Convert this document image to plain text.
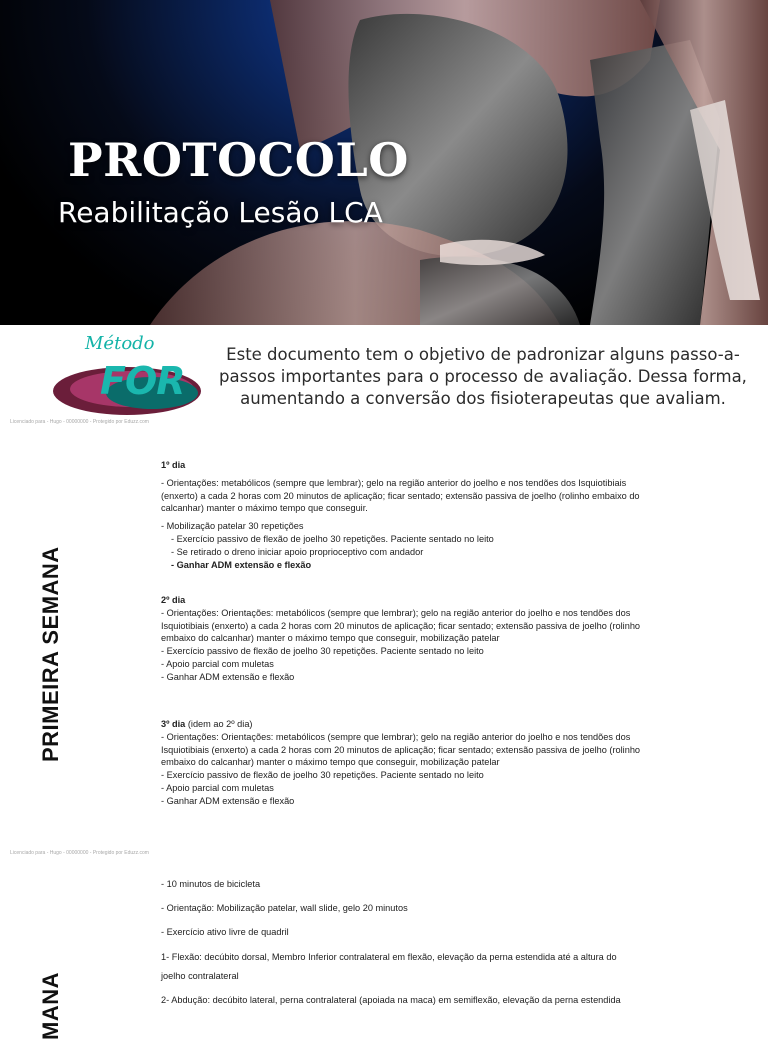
PROTOCOLO

Reabilitação Lesão LCA

Método
FOR

Este documento tem o objetivo de padronizar alguns passo-a-passos importantes para o processo de avaliação. Dessa forma, aumentando a conversão dos fisioterapeutas que avaliam.

Licenciado para - Hugo - 00000000 - Protegido por Eduzz.com
Licenciado para - Hugo - 00000000 - Protegido por Eduzz.com
PRIMEIRA SEMANA

1º dia

- Orientações: metabólicos (sempre que lembrar); gelo na região anterior do joelho e nos tendões dos Isquiotibiais (enxerto) a cada 2 horas com 20 minutos de aplicação; ficar sentado; extensão passiva de joelho (rolinho embaixo do calcanhar) manter o máximo tempo que conseguir.

- Mobilização patelar 30 repetições

- Exercício passivo de flexão de joelho 30 repetições. Paciente sentado no leito

- Se retirado o dreno iniciar apoio proprioceptivo com andador

- Ganhar ADM extensão e flexão

2º dia

- Orientações: Orientações: metabólicos (sempre que lembrar); gelo na região anterior do joelho e nos tendões dos Isquiotibiais (enxerto) a cada 2 horas com 20 minutos de aplicação; ficar sentado; extensão passiva de joelho (rolinho embaixo do calcanhar) manter o máximo tempo que conseguir, mobilização patelar

- Exercício passivo de flexão de joelho 30 repetições. Paciente sentado no leito

- Apoio parcial com muletas

- Ganhar ADM extensão e flexão

3º dia (idem ao 2º dia)

- Orientações: Orientações: metabólicos (sempre que lembrar); gelo na região anterior do joelho e nos tendões dos Isquiotibiais (enxerto) a cada 2 horas com 20 minutos de aplicação; ficar sentado; extensão passiva de joelho (rolinho embaixo do calcanhar) manter o máximo tempo que conseguir, mobilização patelar

- Exercício passivo de flexão de joelho 30 repetições. Paciente sentado no leito

- Apoio parcial com muletas

- Ganhar ADM extensão e flexão

MANA

- 10 minutos de bicicleta

- Orientação: Mobilização patelar, wall slide, gelo 20 minutos

- Exercício ativo livre de quadril

1- Flexão: decúbito dorsal, Membro Inferior contralateral em flexão, elevação da perna estendida até a altura do joelho contralateral

2- Abdução: decúbito lateral, perna contralateral (apoiada na maca) em semiflexão, elevação da perna estendida
